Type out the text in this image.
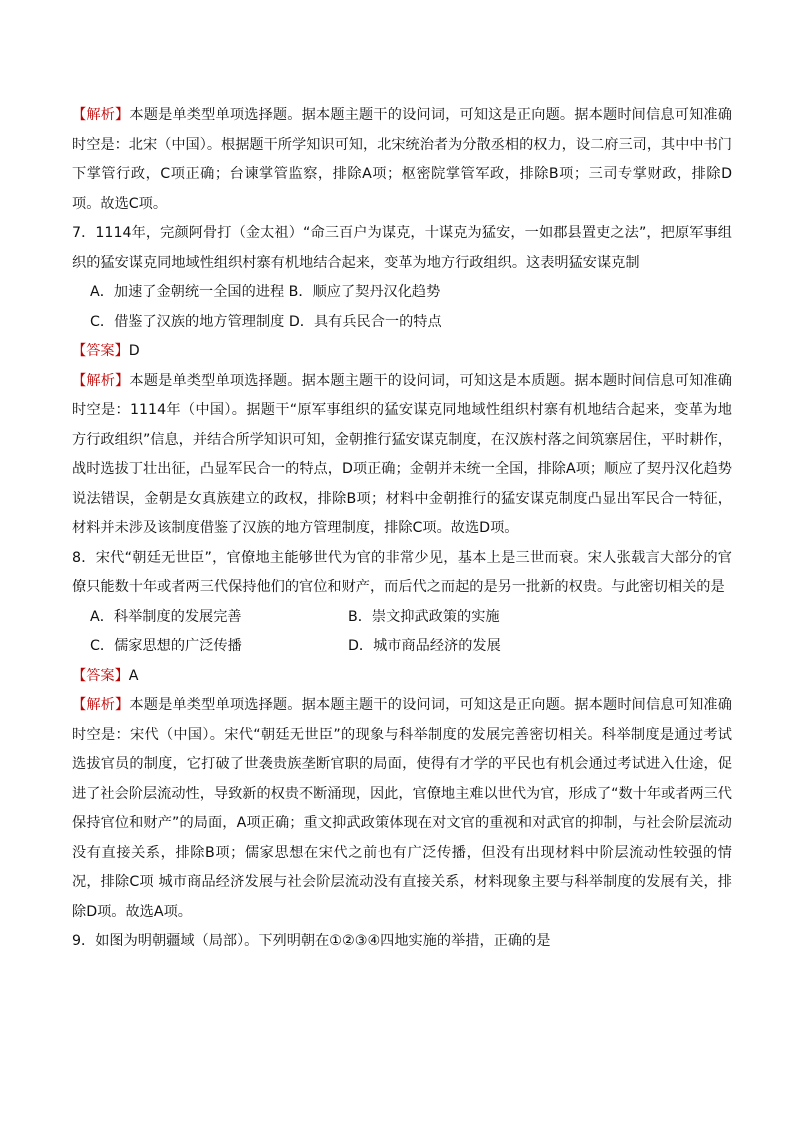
【解析】本题是单类型单项选择题。据本题主题干的设问词，可知这是正向题。据本题时间信息可知准确时空是：北宋（中国）。根据题干所学知识可知，北宋统治者为分散丞相的权力，设二府三司，其中中书门下掌管行政，C项正确；台谏掌管监察，排除A项；枢密院掌管军政，排除B项；三司专掌财政，排除D项。故选C项。

7．1114年，完颜阿骨打（金太祖）“命三百户为谋克，十谋克为猛安，一如郡县置吏之法”，把原军事组织的猛安谋克同地域性组织村寨有机地结合起来，变革为地方行政组织。这表明猛安谋克制

A．加速了金朝统一全国的进程 B．顺应了契丹汉化趋势

C．借鉴了汉族的地方管理制度 D．具有兵民合一的特点

【答案】D

【解析】本题是单类型单项选择题。据本题主题干的设问词，可知这是本质题。据本题时间信息可知准确时空是：1114年（中国）。据题干“原军事组织的猛安谋克同地域性组织村寨有机地结合起来，变革为地方行政组织”信息，并结合所学知识可知，金朝推行猛安谋克制度，在汉族村落之间筑寨居住，平时耕作，战时选拔丁壮出征，凸显军民合一的特点，D项正确；金朝并未统一全国，排除A项；顺应了契丹汉化趋势说法错误，金朝是女真族建立的政权，排除B项；材料中金朝推行的猛安谋克制度凸显出军民合一特征，材料并未涉及该制度借鉴了汉族的地方管理制度，排除C项。故选D项。

8．宋代“朝廷无世臣”，官僚地主能够世代为官的非常少见，基本上是三世而衰。宋人张载言大部分的官僚只能数十年或者两三代保持他们的官位和财产，而后代之而起的是另一批新的权贵。与此密切相关的是

A．科举制度的发展完善	B．崇文抑武政策的实施
C．儒家思想的广泛传播	D．城市商品经济的发展

【答案】A

【解析】本题是单类型单项选择题。据本题主题干的设问词，可知这是正向题。据本题时间信息可知准确时空是：宋代（中国）。宋代“朝廷无世臣”的现象与科举制度的发展完善密切相关。科举制度是通过考试选拔官员的制度，它打破了世袭贵族垄断官职的局面，使得有才学的平民也有机会通过考试进入仕途，促进了社会阶层流动性，导致新的权贵不断涌现，因此，官僚地主难以世代为官，形成了“数十年或者两三代保持官位和财产”的局面，A项正确；重文抑武政策体现在对文官的重视和对武官的抑制，与社会阶层流动没有直接关系，排除B项；儒家思想在宋代之前也有广泛传播，但没有出现材料中阶层流动性较强的情况，排除C项 城市商品经济发展与社会阶层流动没有直接关系，材料现象主要与科举制度的发展有关，排除D项。故选A项。

9．如图为明朝疆域（局部）。下列明朝在①②③④四地实施的举措，正确的是
